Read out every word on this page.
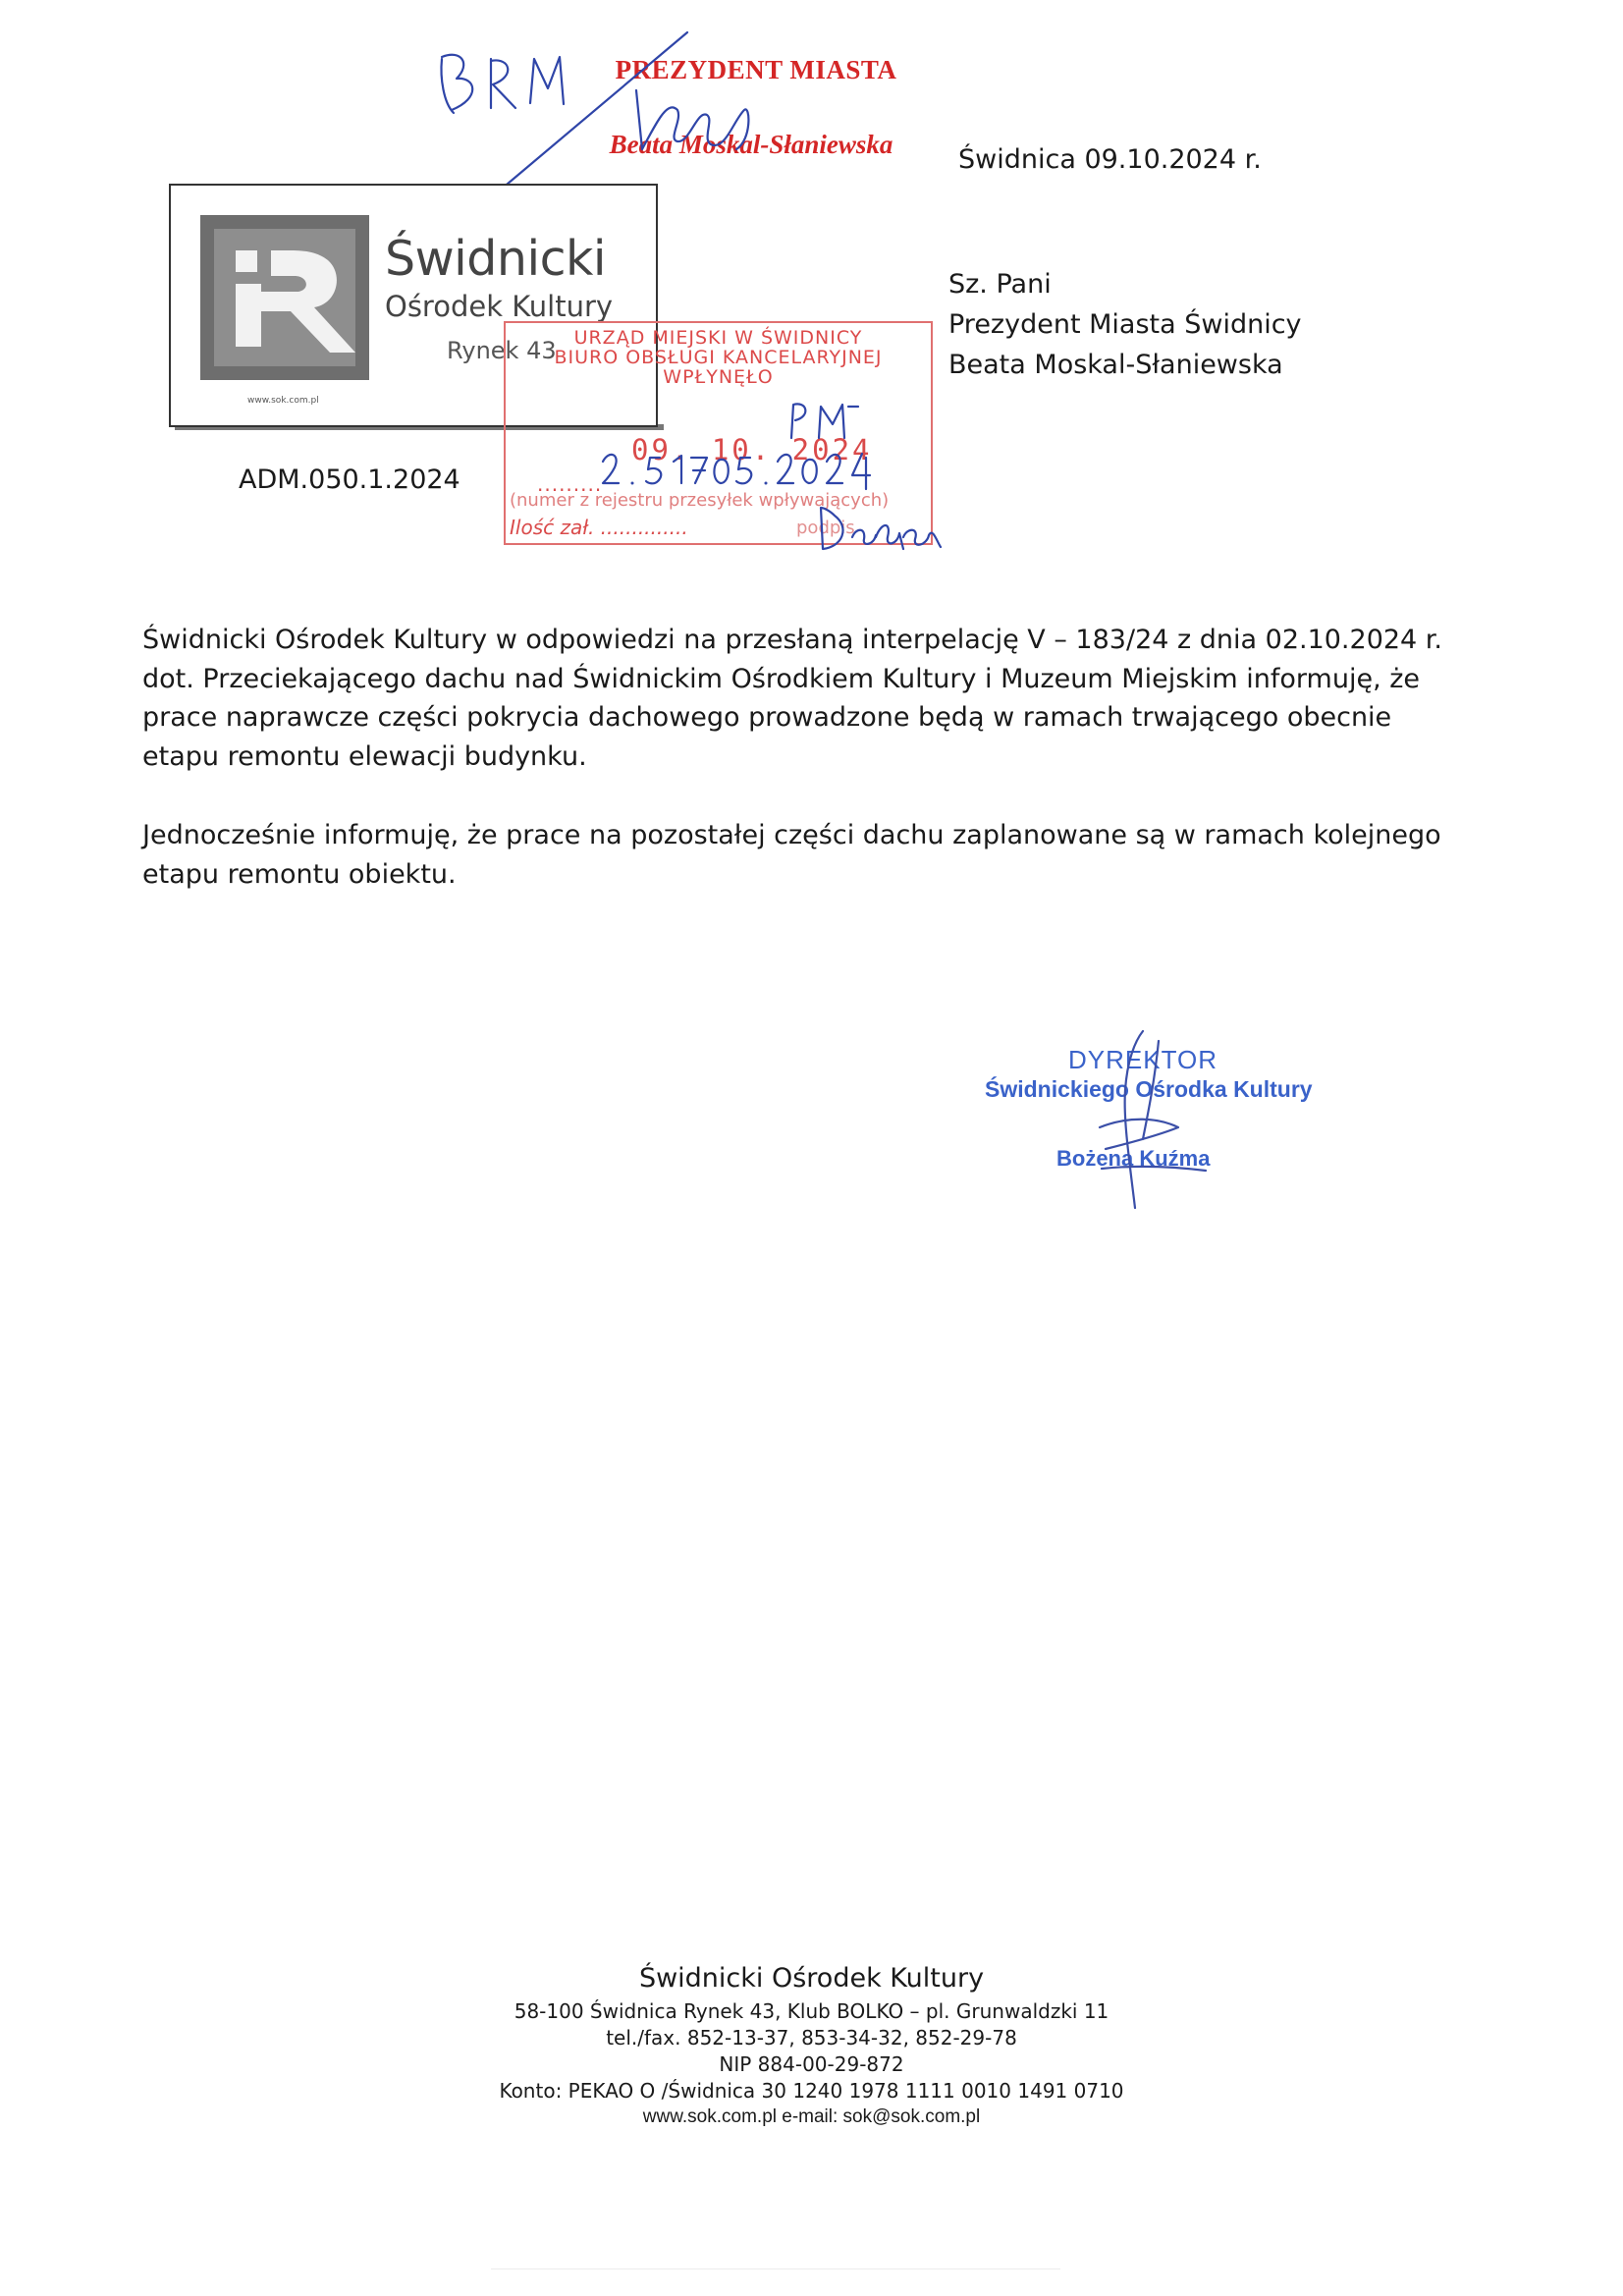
PREZYDENT MIASTA
Beata Moskal-Słaniewska	Świdnica 09.10.2024 r.
Świdnicki
Ośrodek Kultury
www.sok.com.pl
Rynek 43
Sz. Pani
Prezydent Miasta Świdnicy
Beata Moskal-Słaniewska
ADM.050.1.2024
URZĄD MIEJSKI W ŚWIDNICY
BIURO OBSŁUGI KANCELARYJNEJ
WPŁYNĘŁO
09. 10. 2024
.........
(numer z rejestru przesyłek wpływających)
Ilość zał. ..............	podpis

Świdnicki Ośrodek Kultury w odpowiedzi na przesłaną interpelację V – 183/24 z dnia 02.10.2024 r. dot. Przeciekającego dachu nad Świdnickim Ośrodkiem Kultury i Muzeum Miejskim informuję, że prace naprawcze części pokrycia dachowego prowadzone będą w ramach trwającego obecnie etapu remontu elewacji budynku.

Jednocześnie informuję, że prace na pozostałej części dachu zaplanowane są w ramach kolejnego etapu remontu obiektu.

DYREKTOR
Świdnickiego Ośrodka Kultury
Bożena Kuźma
Świdnicki Ośrodek Kultury
58-100 Świdnica Rynek 43, Klub BOLKO – pl. Grunwaldzki 11
tel./fax. 852-13-37, 853-34-32, 852-29-78
NIP 884-00-29-872
Konto: PEKAO O /Świdnica 30 1240 1978 1111 0010 1491 0710
www.sok.com.pl e-mail: sok@sok.com.pl
